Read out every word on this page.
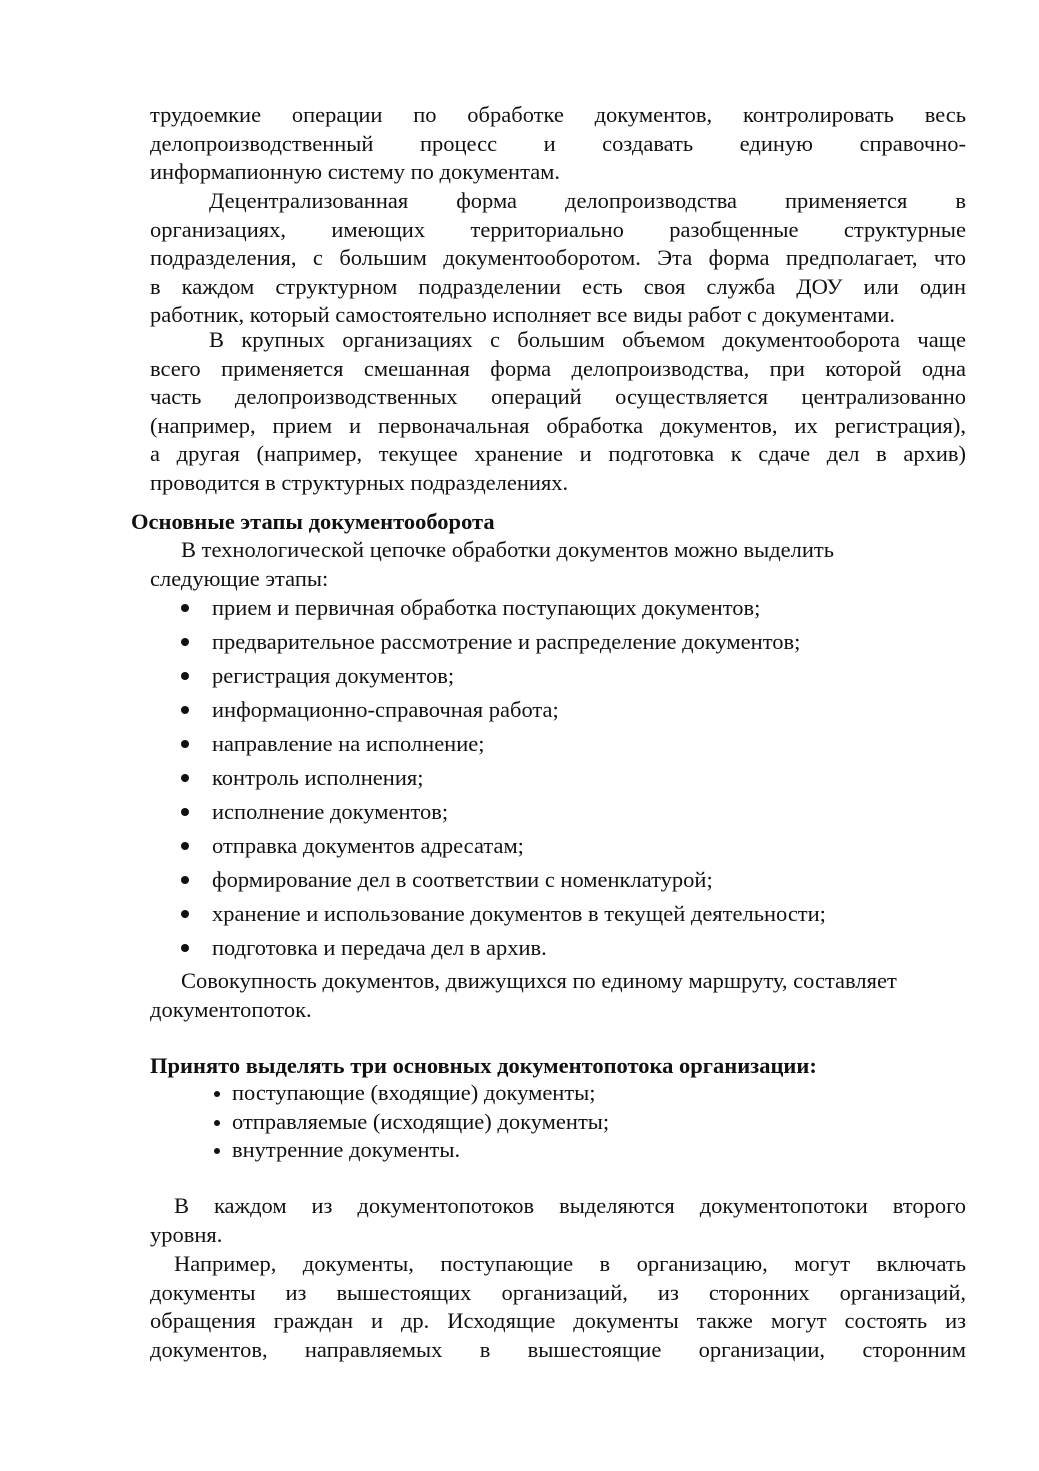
трудоемкие операции по обработке документов, контролировать весь
делопроизводственный процесс и создавать единую справочно-
информапионную систему по документам.
Децентрализованная форма делопроизводства применяется в
организациях, имеющих территориально разобщенные структурные
подразделения, с большим документооборотом. Эта форма предполагает, что
в каждом структурном подразделении есть своя служба ДОУ или один
работник, который самостоятельно исполняет все виды работ с документами.
В крупных организациях с большим объемом документооборота чаще
всего применяется смешанная форма делопроизводства, при которой одна
часть делопроизводственных операций осуществляется централизованно
(например, прием и первоначальная обработка документов, их регистрация),
а другая (например, текущее хранение и подготовка к сдаче дел в архив)
проводится в структурных подразделениях.
Основные этапы документооборота
В технологической цепочке обработки документов можно выделить
следующие этапы:
прием и первичная обработка поступающих документов;
предварительное рассмотрение и распределение документов;
регистрация документов;
информационно-справочная работа;
направление на исполнение;
контроль исполнения;
исполнение документов;
отправка документов адресатам;
формирование дел в соответствии с номенклатурой;
хранение и использование документов в текущей деятельности;
подготовка и передача дел в архив.
Совокупность документов, движущихся по единому маршруту, составляет
документопоток.
Принято выделять три основных документопотока организации:
поступающие (входящие) документы;
отправляемые (исходящие) документы;
внутренние документы.
В каждом из документопотоков выделяются документопотоки второго
уровня.
Например, документы, поступающие в организацию, могут включать
документы из вышестоящих организаций, из сторонних организаций,
обращения граждан и др. Исходящие документы также могут состоять из
документов, направляемых в вышестоящие организации, сторонним
